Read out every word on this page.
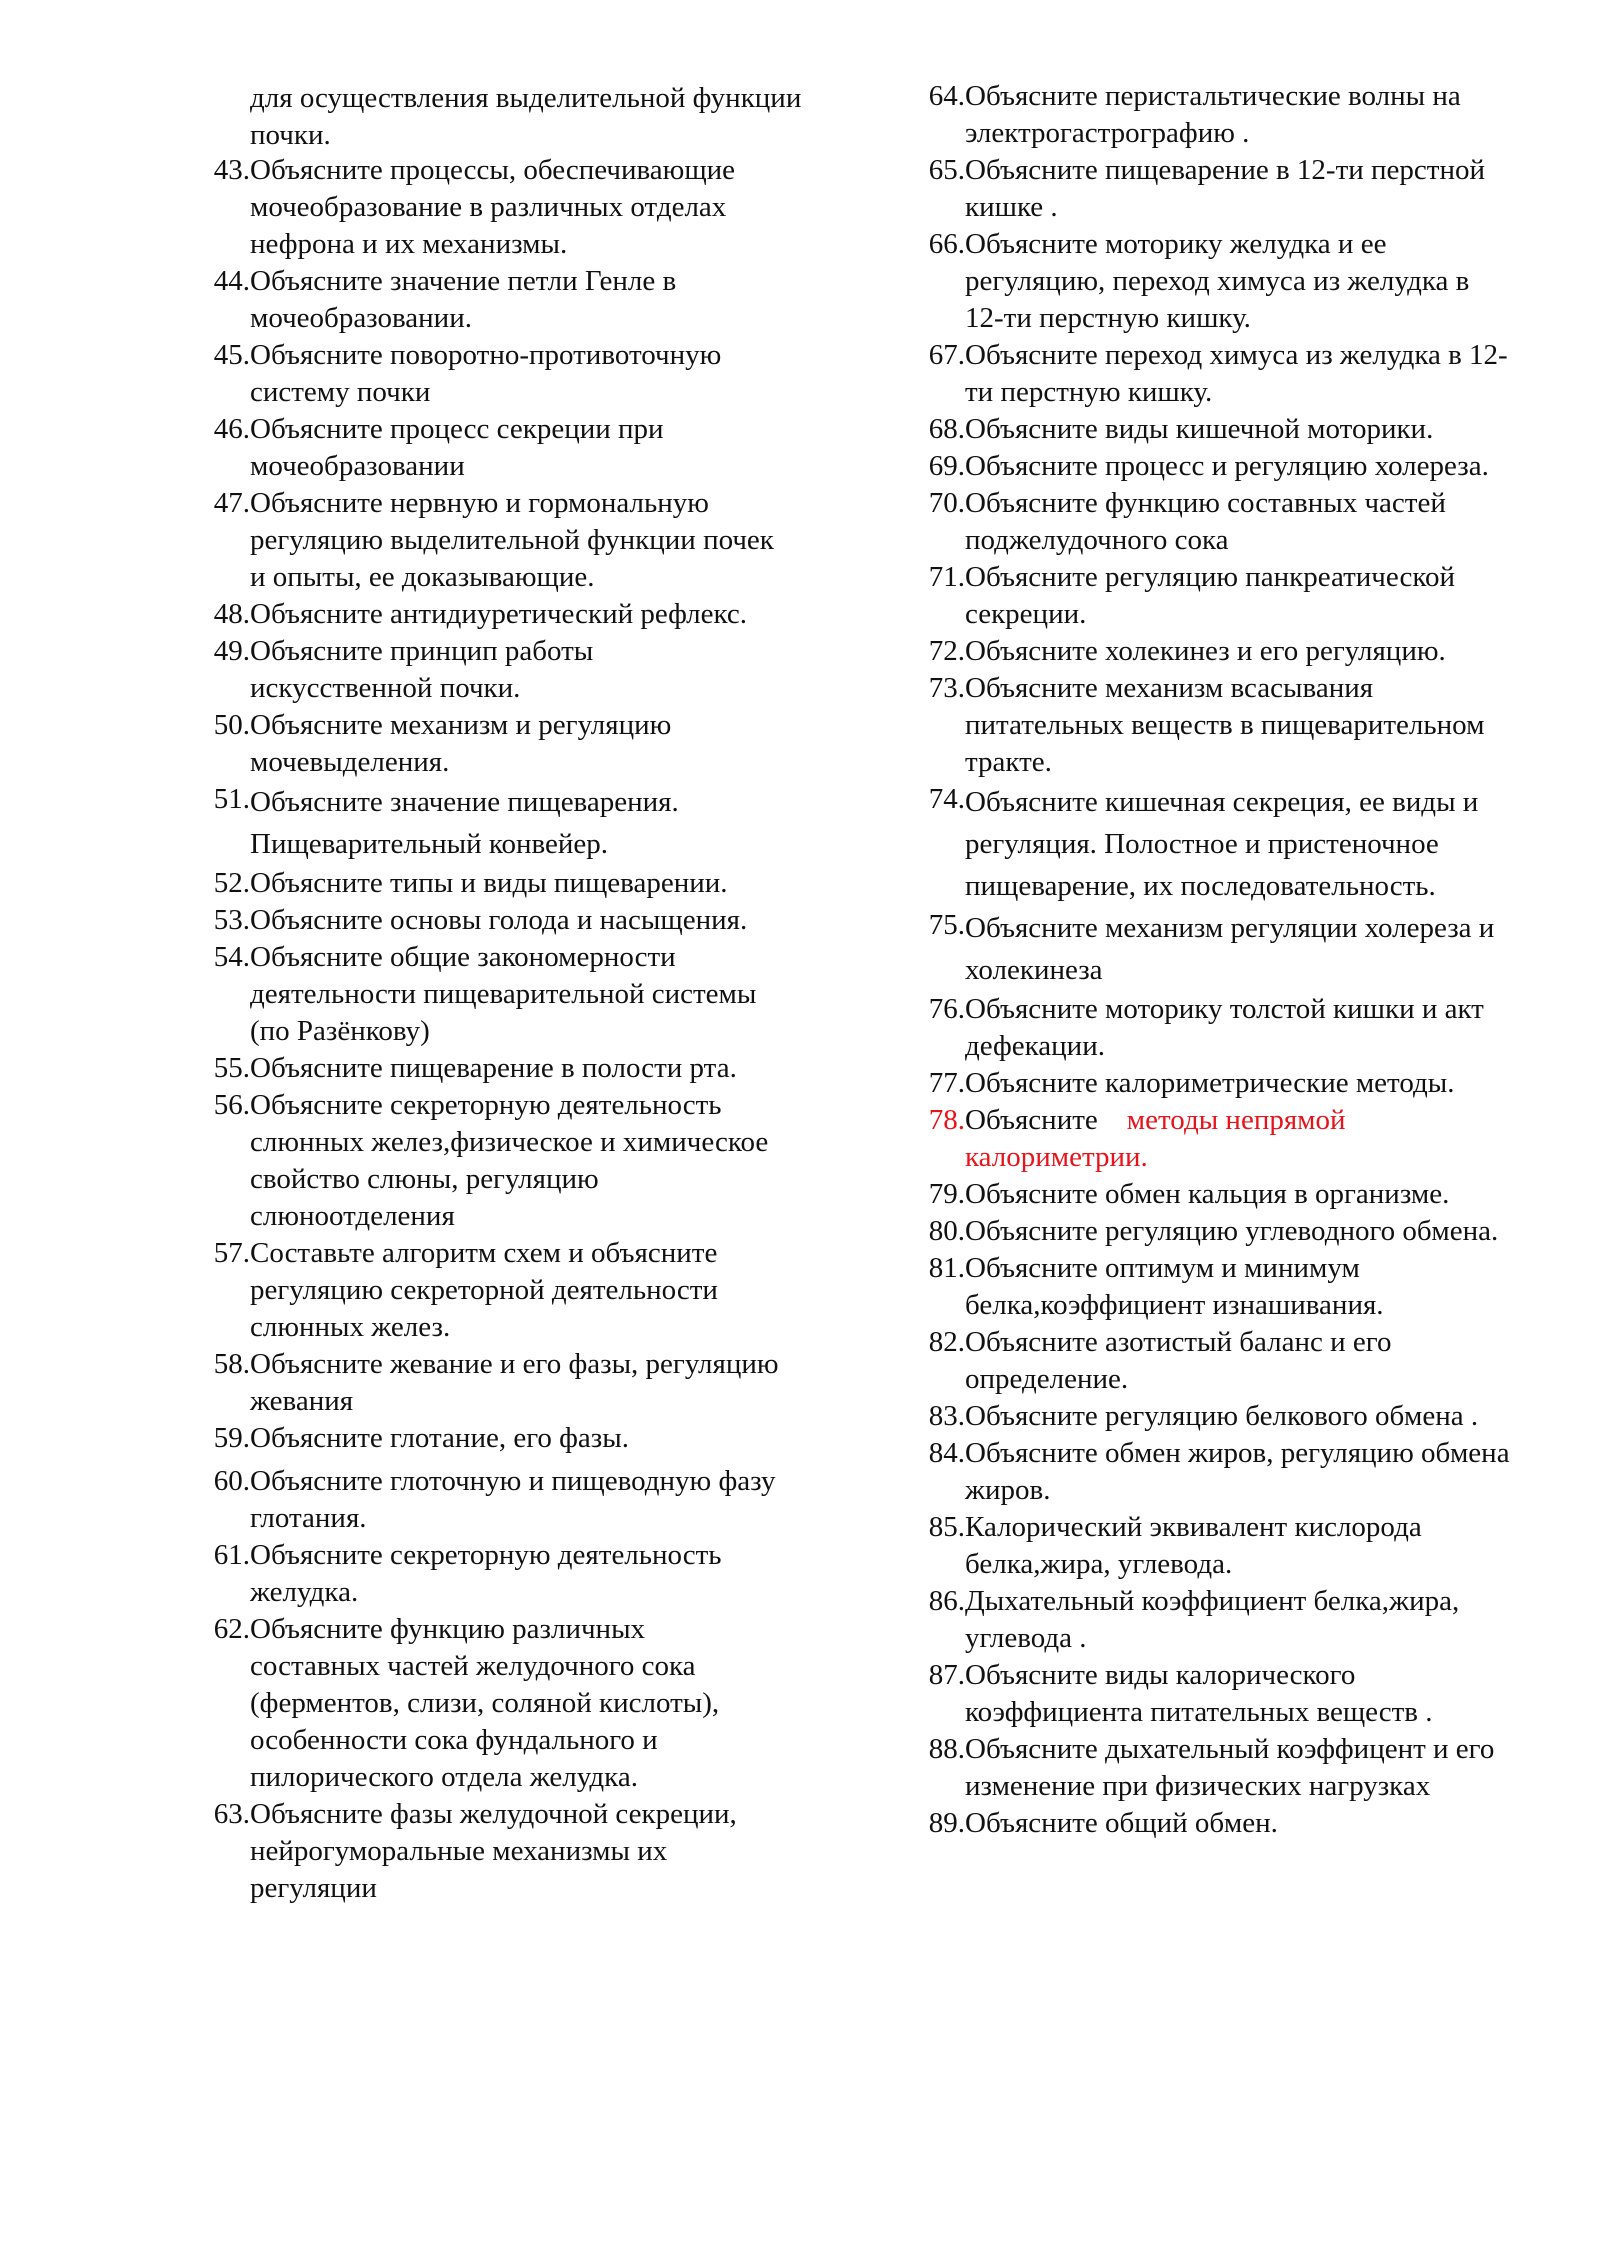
для осуществления выделительной функции почки.
43. Объясните процессы, обеспечивающие мочеобразование в различных отделах нефрона и их механизмы.
44. Объясните значение петли Генле в мочеобразовании.
45. Объясните поворотно-противоточную систему почки
46. Объясните процесс секреции при мочеобразовании
47. Объясните нервную и гормональную регуляцию выделительной функции почек и опыты, ее доказывающие.
48. Объясните антидиуретический рефлекс.
49. Объясните принцип работы искусственной почки.
50. Объясните механизм и регуляцию мочевыделения.
51. Объясните значение пищеварения. Пищеварительный конвейер.
52. Объясните типы и виды пищеварении.
53. Объясните основы голода и насыщения.
54. Объясните общие закономерности деятельности пищеварительной системы (по Разёнкову)
55. Объясните пищеварение в полости рта.
56. Объясните секреторную деятельность слюнных желез,физическое и химическое свойство слюны, регуляцию слюноотделения
57. Составьте алгоритм схем и объясните регуляцию секреторной деятельности слюнных желез.
58. Объясните жевание и его фазы, регуляцию жевания
59. Объясните глотание, его фазы.
60. Объясните глоточную и пищеводную фазу глотания.
61. Объясните секреторную деятельность желудка.
62. Объясните функцию различных составных частей желудочного сока (ферментов, слизи, соляной кислоты), особенности сока фундального и пилорического отдела желудка.
63. Объясните фазы желудочной секреции, нейрогуморальные механизмы их регуляции
64. Объясните перистальтические волны на электрогастрографию .
65. Объясните пищеварение в 12-ти перстной кишке .
66. Объясните моторику желудка и ее регуляцию, переход химуса из желудка в 12-ти перстную кишку.
67. Объясните переход химуса из желудка в 12-ти перстную кишку.
68. Объясните виды кишечной моторики.
69. Объясните процесс и регуляцию холереза.
70. Объясните функцию составных частей поджелудочного сока
71. Объясните регуляцию панкреатической секреции.
72. Объясните холекинез и его регуляцию.
73. Объясните механизм всасывания питательных веществ в пищеварительном тракте.
74. Объясните кишечная секреция, ее виды и регуляция. Полостное и пристеночное пищеварение, их последовательность.
75. Объясните механизм регуляции холереза и холекинеза
76. Объясните моторику толстой кишки и акт дефекации.
77. Объясните калориметрические методы.
78. Объясните методы непрямой калориметрии.
79. Объясните обмен кальция в организме.
80. Объясните регуляцию углеводного обмена.
81. Объясните оптимум и минимум белка,коэффициент изнашивания.
82. Объясните азотистый баланс и его определение.
83. Объясните регуляцию белкового обмена .
84. Объясните обмен жиров, регуляцию обмена жиров.
85. Калорический эквивалент кислорода белка,жира, углевода.
86. Дыхательный коэффициент белка,жира, углевода .
87. Объясните виды калорического коэффициента питательных веществ .
88. Объясните дыхательный коэффицент и его изменение при физических нагрузках
89. Объясните общий обмен.
